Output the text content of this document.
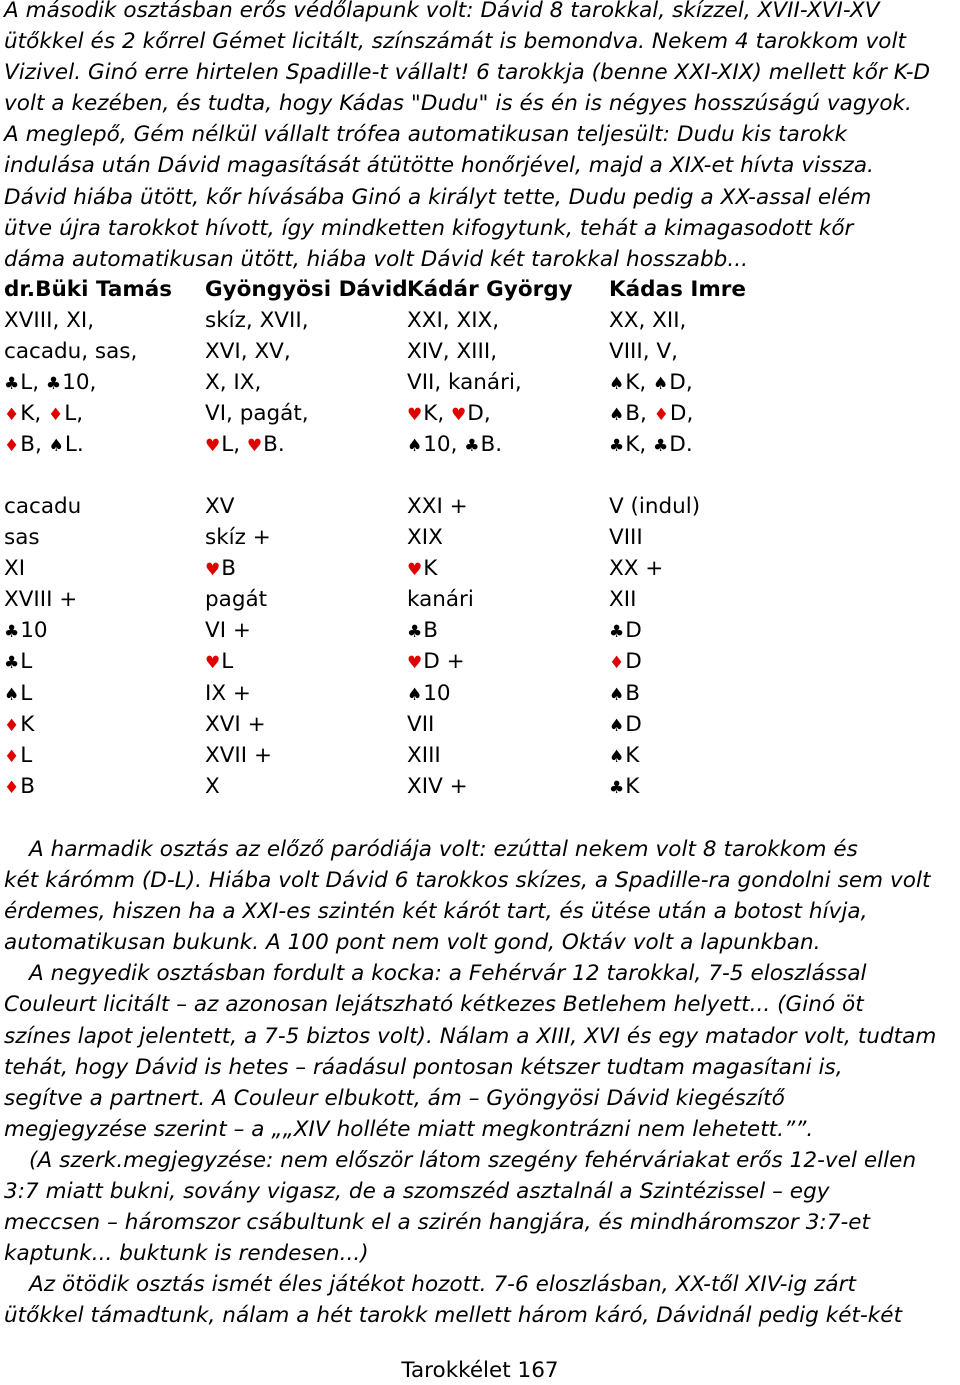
A második osztásban erős védőlapunk volt: Dávid 8 tarokkal, skízzel, XVII-XVI-XV
ütőkkel és 2 kőrrel Gémet licitált, színszámát is bemondva. Nekem 4 tarokkom volt
Vizivel. Ginó erre hirtelen Spadille-t vállalt! 6 tarokkja (benne XXI-XIX) mellett kőr K-D
volt a kezében, és tudta, hogy Kádas "Dudu" is és én is négyes hosszúságú vagyok.
A meglepő, Gém nélkül vállalt trófea automatikusan teljesült: Dudu kis tarokk
indulása után Dávid magasítását átütötte honőrjével, majd a XIX-et hívta vissza.
Dávid hiába ütött, kőr hívásába Ginó a királyt tette, Dudu pedig a XX-assal elém
ütve újra tarokkot hívott, így mindketten kifogytunk, tehát a kimagasodott kőr
dáma automatikusan ütött, hiába volt Dávid két tarokkal hosszabb...
dr.Büki Tamás	Gyöngyösi Dávid Kádár György	Kádas Imre
XVIII, XI,	skíz, XVII,	XXI, XIX,	XX, XII,
cacadu, sas,	XVI, XV,	XIV, XIII,	VIII, V,
♣L, ♣10,	X, IX,	VII, kanári,	♠K, ♠D,
♦K, ♦L,	VI, pagát,	♥K, ♥D,	♠B, ♦D,
♦B, ♠L.	♥L, ♥B.	♠10, ♣B.	♣K, ♣D.
cacadu	XV	XXI +	V (indul)
sas	skíz +	XIX	VIII
XI	♥B	♥K	XX +
XVIII +	pagát	kanári	XII
♣10	VI +	♣B	♣D
♣L	♥L	♥D +	♦D
♠L	IX +	♠10	♠B
♦K	XVI +	VII	♠D
♦L	XVII +	XIII	♠K
♦B	X	XIV +	♣K
A harmadik osztás az előző paródiája volt: ezúttal nekem volt 8 tarokkom és
két kárómm (D-L). Hiába volt Dávid 6 tarokkos skízes, a Spadille-ra gondolni sem volt
érdemes, hiszen ha a XXI-es szintén két kárót tart, és ütése után a botost hívja,
automatikusan bukunk. A 100 pont nem volt gond, Oktáv volt a lapunkban.
A negyedik osztásban fordult a kocka: a Fehérvár 12 tarokkal, 7-5 eloszlással
Couleurt licitált – az azonosan lejátszható kétkezes Betlehem helyett... (Ginó öt
színes lapot jelentett, a 7-5 biztos volt). Nálam a XIII, XVI és egy matador volt, tudtam
tehát, hogy Dávid is hetes – ráadásul pontosan kétszer tudtam magasítani is,
segítve a partnert. A Couleur elbukott, ám – Gyöngyösi Dávid kiegészítő
megjegyzése szerint – a „„XIV holléte miatt megkontrázni nem lehetett.””.
(A szerk.megjegyzése: nem először látom szegény fehérváriakat erős 12-vel ellen
3:7 miatt bukni, sovány vigasz, de a szomszéd asztalnál a Szintézissel – egy
meccsen – háromszor csábultunk el a szirén hangjára, és mindháromszor 3:7-et
kaptunk... buktunk is rendesen...)
Az ötödik osztás ismét éles játékot hozott. 7-6 eloszlásban, XX-től XIV-ig zárt
ütőkkel támadtunk, nálam a hét tarokk mellett három káró, Dávidnál pedig két-két
Tarokkélet 167
